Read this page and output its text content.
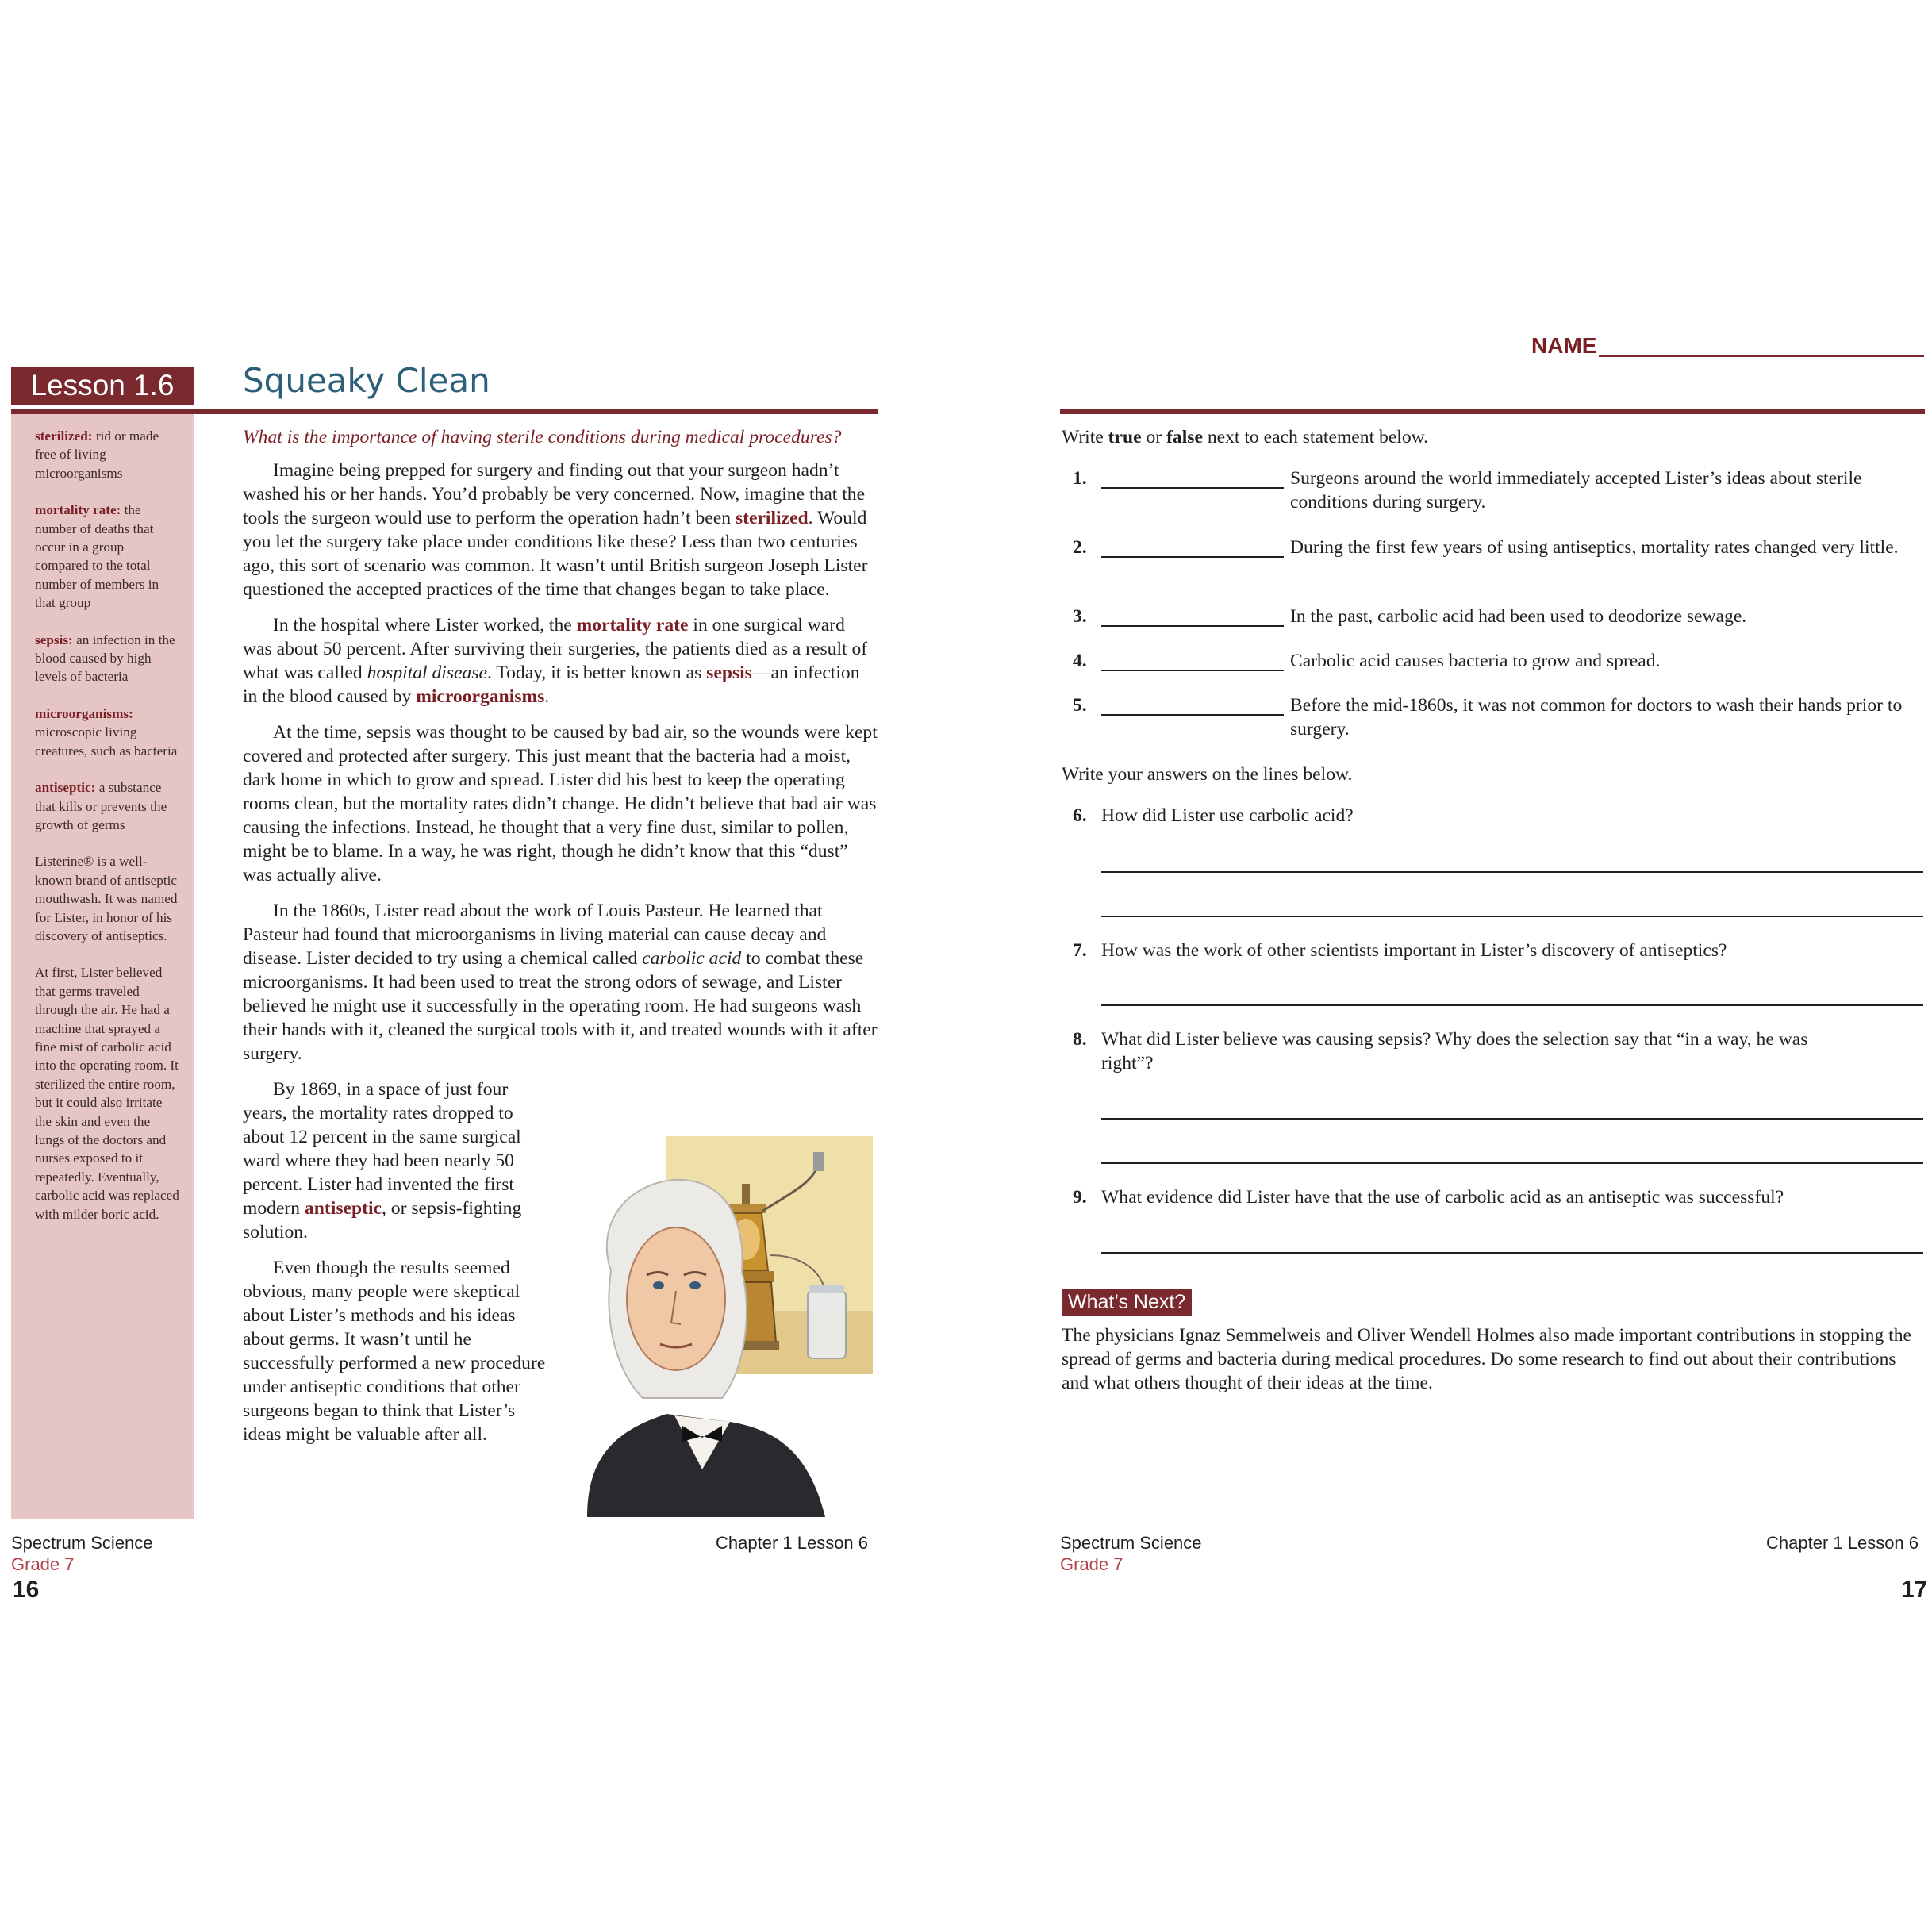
Lesson 1.6	Squeaky Clean

sterilized: rid or made free of living microorganisms

mortality rate: the number of deaths that occur in a group compared to the total number of members in that group

sepsis: an infection in the blood caused by high levels of bacteria

microorganisms: microscopic living creatures, such as bacteria

antiseptic: a substance that kills or prevents the growth of germs

Listerine® is a well-known brand of antiseptic mouthwash. It was named for Lister, in honor of his discovery of antiseptics.

At first, Lister believed that germs traveled through the air. He had a machine that sprayed a fine mist of carbolic acid into the operating room. It sterilized the entire room, but it could also irritate the skin and even the lungs of the doctors and nurses exposed to it repeatedly. Eventually, carbolic acid was replaced with milder boric acid.

What is the importance of having sterile conditions during medical procedures?

Imagine being prepped for surgery and finding out that your surgeon hadn’t washed his or her hands. You’d probably be very concerned. Now, imagine that the tools the surgeon would use to perform the operation hadn’t been sterilized. Would you let the surgery take place under conditions like these? Less than two centuries ago, this sort of scenario was common. It wasn’t until British surgeon Joseph Lister questioned the accepted practices of the time that changes began to take place.

In the hospital where Lister worked, the mortality rate in one surgical ward was about 50 percent. After surviving their surgeries, the patients died as a result of what was called hospital disease. Today, it is better known as sepsis—an infection in the blood caused by microorganisms.

At the time, sepsis was thought to be caused by bad air, so the wounds were kept covered and protected after surgery. This just meant that the bacteria had a moist, dark home in which to grow and spread. Lister did his best to keep the operating rooms clean, but the mortality rates didn’t change. He didn’t believe that bad air was causing the infections. Instead, he thought that a very fine dust, similar to pollen, might be to blame. In a way, he was right, though he didn’t know that this “dust” was actually alive.

In the 1860s, Lister read about the work of Louis Pasteur. He learned that Pasteur had found that microorganisms in living material can cause decay and disease. Lister decided to try using a chemical called carbolic acid to combat these microorganisms. It had been used to treat the strong odors of sewage, and Lister believed he might use it successfully in the operating room. He had surgeons wash their hands with it, cleaned the surgical tools with it, and treated wounds with it after surgery.

By 1869, in a space of just four years, the mortality rates dropped to about 12 percent in the same surgical ward where they had been nearly 50 percent. Lister had invented the first modern antiseptic, or sepsis-fighting solution.

Even though the results seemed obvious, many people were skeptical about Lister’s methods and his ideas about germs. It wasn’t until he successfully performed a new procedure under antiseptic conditions that other surgeons began to think that Lister’s ideas might be valuable after all.

Spectrum Science
Grade 7
16
Chapter 1 Lesson 6
NAME

Write true or false next to each statement below.

1.	Surgeons around the world immediately accepted Lister’s ideas about sterile conditions during surgery.
2.	During the first few years of using antiseptics, mortality rates changed very little.
3.	In the past, carbolic acid had been used to deodorize sewage.
4.	Carbolic acid causes bacteria to grow and spread.
5.	Before the mid-1860s, it was not common for doctors to wash their hands prior to surgery.

Write your answers on the lines below.

6. How did Lister use carbolic acid?
7. How was the work of other scientists important in Lister’s discovery of antiseptics?
8. What did Lister believe was causing sepsis? Why does the selection say that “in a way, he was right”?
9. What evidence did Lister have that the use of carbolic acid as an antiseptic was successful?
What’s Next?
The physicians Ignaz Semmelweis and Oliver Wendell Holmes also made important contributions in stopping the spread of germs and bacteria during medical procedures. Do some research to find out about their contributions and what others thought of their ideas at the time.
Spectrum Science
Grade 7
Chapter 1 Lesson 6
17
